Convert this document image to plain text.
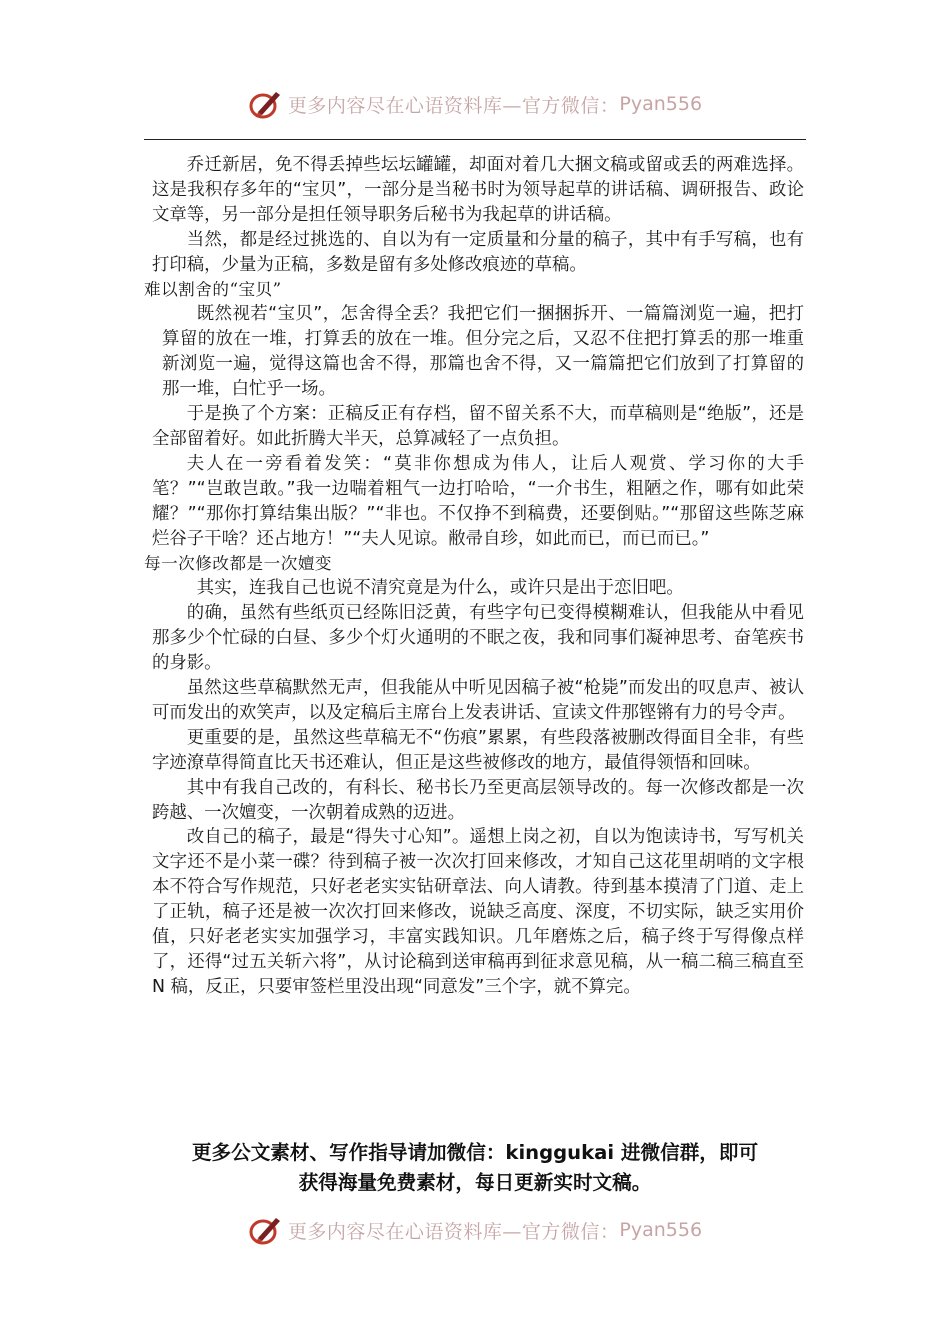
更多内容尽在心语资料库—官方微信： Pyan556

乔迁新居，免不得丢掉些坛坛罐罐，却面对着几大捆文稿或留或丢的两难选择。这是我积存多年的“宝贝”，一部分是当秘书时为领导起草的讲话稿、调研报告、政论文章等，另一部分是担任领导职务后秘书为我起草的讲话稿。

当然，都是经过挑选的、自以为有一定质量和分量的稿子，其中有手写稿，也有打印稿，少量为正稿，多数是留有多处修改痕迹的草稿。

难以割舍的“宝贝”

既然视若“宝贝”，怎舍得全丢？我把它们一捆捆拆开、一篇篇浏览一遍，把打算留的放在一堆，打算丢的放在一堆。但分完之后，又忍不住把打算丢的那一堆重新浏览一遍，觉得这篇也舍不得，那篇也舍不得，又一篇篇把它们放到了打算留的那一堆，白忙乎一场。

于是换了个方案：正稿反正有存档，留不留关系不大，而草稿则是“绝版”，还是全部留着好。如此折腾大半天，总算减轻了一点负担。

夫人在一旁看着发笑：“莫非你想成为伟人，让后人观赏、学习你的大手笔？”“岂敢岂敢。”我一边喘着粗气一边打哈哈，“一介书生，粗陋之作，哪有如此荣耀？”“那你打算结集出版？”“非也。不仅挣不到稿费，还要倒贴。”“那留这些陈芝麻烂谷子干啥？还占地方！”“夫人见谅。敝帚自珍，如此而已，而已而已。”

每一次修改都是一次嬗变

其实，连我自己也说不清究竟是为什么，或许只是出于恋旧吧。

的确，虽然有些纸页已经陈旧泛黄，有些字句已变得模糊难认，但我能从中看见那多少个忙碌的白昼、多少个灯火通明的不眠之夜，我和同事们凝神思考、奋笔疾书的身影。

虽然这些草稿默然无声，但我能从中听见因稿子被“枪毙”而发出的叹息声、被认可而发出的欢笑声，以及定稿后主席台上发表讲话、宣读文件那铿锵有力的号令声。

更重要的是，虽然这些草稿无不“伤痕”累累，有些段落被删改得面目全非，有些字迹潦草得简直比天书还难认，但正是这些被修改的地方，最值得领悟和回味。

其中有我自己改的，有科长、秘书长乃至更高层领导改的。每一次修改都是一次跨越、一次嬗变，一次朝着成熟的迈进。

改自己的稿子，最是“得失寸心知”。遥想上岗之初，自以为饱读诗书，写写机关文字还不是小菜一碟？待到稿子被一次次打回来修改，才知自己这花里胡哨的文字根本不符合写作规范，只好老老实实钻研章法、向人请教。待到基本摸清了门道、走上了正轨，稿子还是被一次次打回来修改，说缺乏高度、深度，不切实际，缺乏实用价值，只好老老实实加强学习，丰富实践知识。几年磨炼之后，稿子终于写得像点样了，还得“过五关斩六将”，从讨论稿到送审稿再到征求意见稿，从一稿二稿三稿直至 N 稿，反正，只要审签栏里没出现“同意发”三个字，就不算完。

更多公文素材、写作指导请加微信：kinggukai 进微信群，即可
获得海量免费素材，每日更新实时文稿。
更多内容尽在心语资料库—官方微信： Pyan556
